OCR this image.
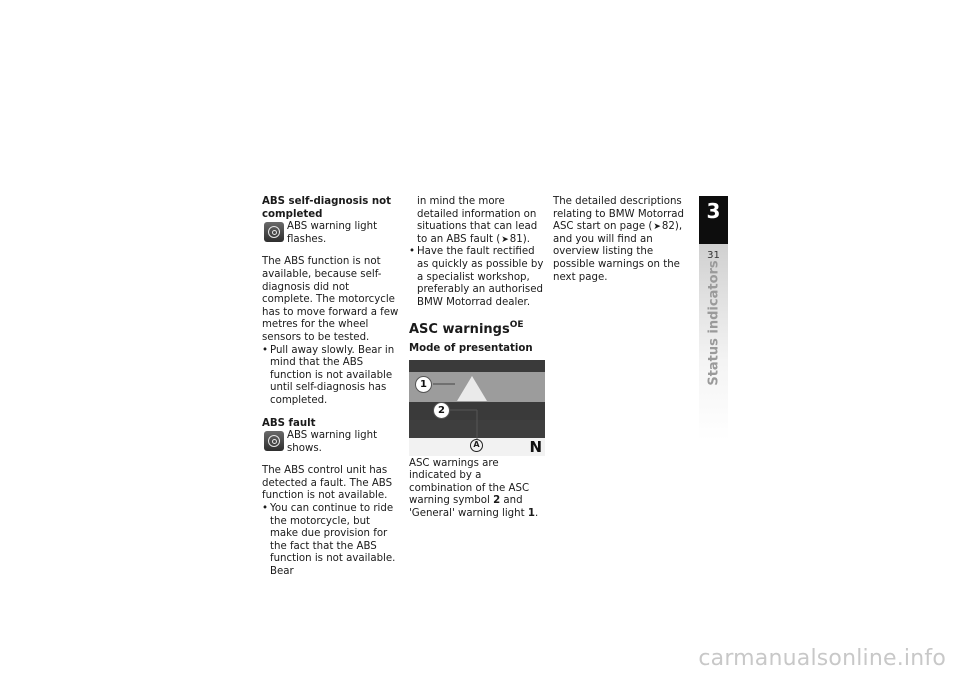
ABS self-diagnosis not completed

ABS warning light flashes.

The ABS function is not available, because self-diagnosis did not complete. The motorcycle has to move forward a few metres for the wheel sensors to be tested.

• Pull away slowly. Bear in mind that the ABS function is not available until self-diagnosis has completed.

ABS fault

ABS warning light shows.

The ABS control unit has detected a fault. The ABS function is not available.

• You can continue to ride the motorcycle, but make due provision for the fact that the ABS function is not available. Bear
in mind the more detailed information on situations that can lead to an ABS fault (➤81).
• Have the fault rectified as quickly as possible by a specialist workshop, preferably an authorised BMW Motorrad dealer.
ASC warnings$^{OE}$

Mode of presentation

A	N
1
2

ASC warnings are indicated by a combination of the ASC warning symbol 2 and 'General' warning light 1.

The detailed descriptions relating to BMW Motorrad ASC start on page (➤82), and you will find an overview listing the possible warnings on the next page.

3
31
Status indicators
carmanualsonline.info
